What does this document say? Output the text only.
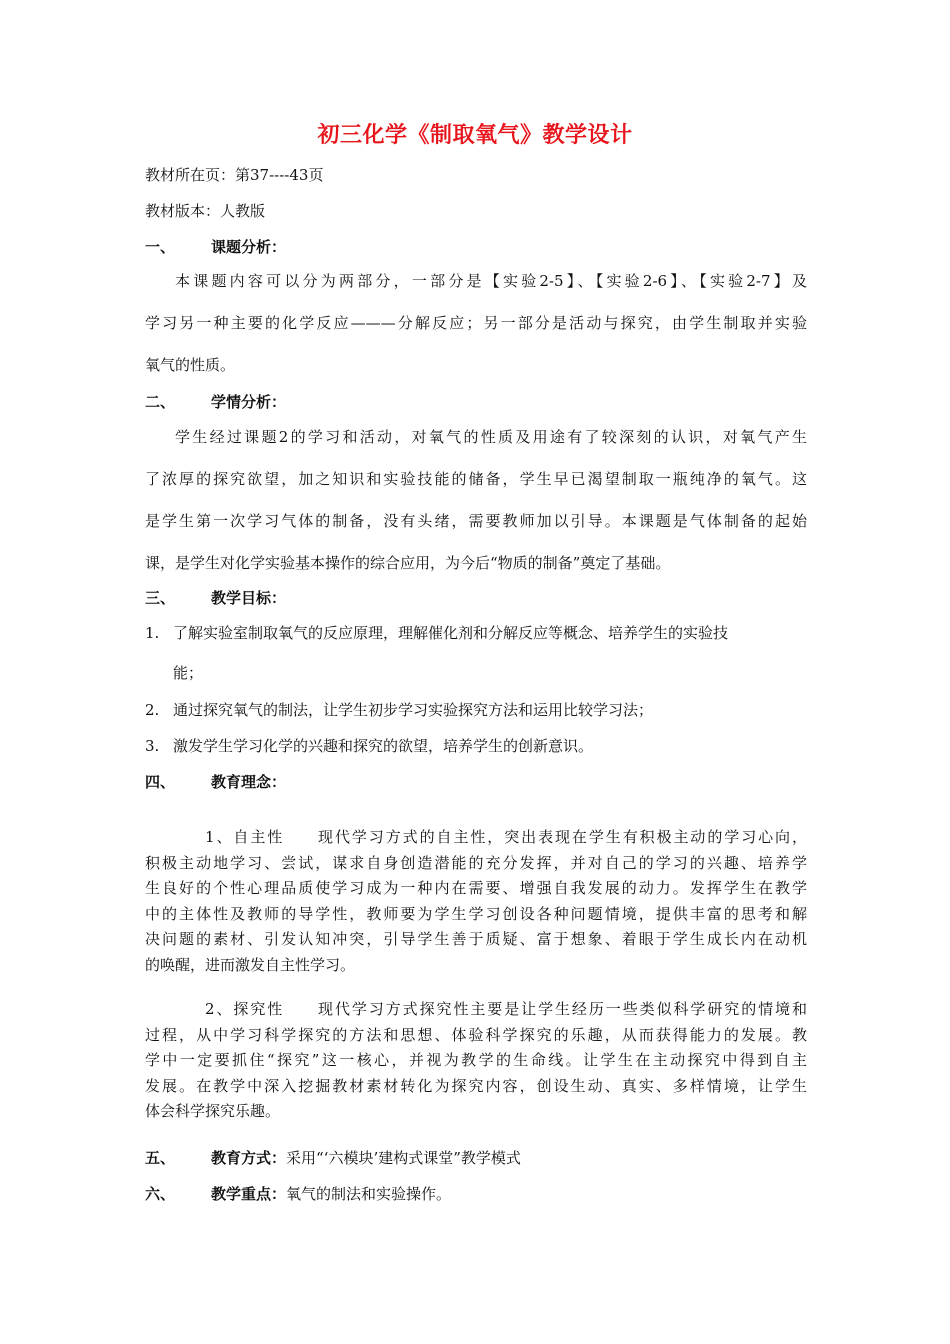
初三化学《制取氧气》教学设计
教材所在页：第37----43页
教材版本：人教版
一、 课题分析：
本课题内容可以分为两部分，一部分是【实验2-5】、【实验2-6】、【实验2-7】及
学习另一种主要的化学反应———分解反应；另一部分是活动与探究，由学生制取并实验
氧气的性质。
二、 学情分析：
学生经过课题2的学习和活动，对氧气的性质及用途有了较深刻的认识，对氧气产生
了浓厚的探究欲望，加之知识和实验技能的储备，学生早已渴望制取一瓶纯净的氧气。这
是学生第一次学习气体的制备，没有头绪，需要教师加以引导。本课题是气体制备的起始
课，是学生对化学实验基本操作的综合应用，为今后“物质的制备”奠定了基础。
三、 教学目标：
1. 了解实验室制取氧气的反应原理，理解催化剂和分解反应等概念、培养学生的实验技
能；
2. 通过探究氧气的制法，让学生初步学习实验探究方法和运用比较学习法；
3. 激发学生学习化学的兴趣和探究的欲望，培养学生的创新意识。
四、 教育理念：
1、自主性　　现代学习方式的自主性，突出表现在学生有积极主动的学习心向，
积极主动地学习、尝试，谋求自身创造潜能的充分发挥，并对自己的学习的兴趣、培养学
生良好的个性心理品质使学习成为一种内在需要、增强自我发展的动力。发挥学生在教学
中的主体性及教师的导学性，教师要为学生学习创设各种问题情境，提供丰富的思考和解
决问题的素材、引发认知冲突，引导学生善于质疑、富于想象、着眼于学生成长内在动机
的唤醒，进而激发自主性学习。
2、探究性　　现代学习方式探究性主要是让学生经历一些类似科学研究的情境和
过程，从中学习科学探究的方法和思想、体验科学探究的乐趣，从而获得能力的发展。教
学中一定要抓住“探究”这一核心，并视为教学的生命线。让学生在主动探究中得到自主
发展。在教学中深入挖掘教材素材转化为探究内容，创设生动、真实、多样情境，让学生
体会科学探究乐趣。
五、 教育方式：采用“‘六模块’建构式课堂”教学模式
六、 教学重点：氧气的制法和实验操作。
